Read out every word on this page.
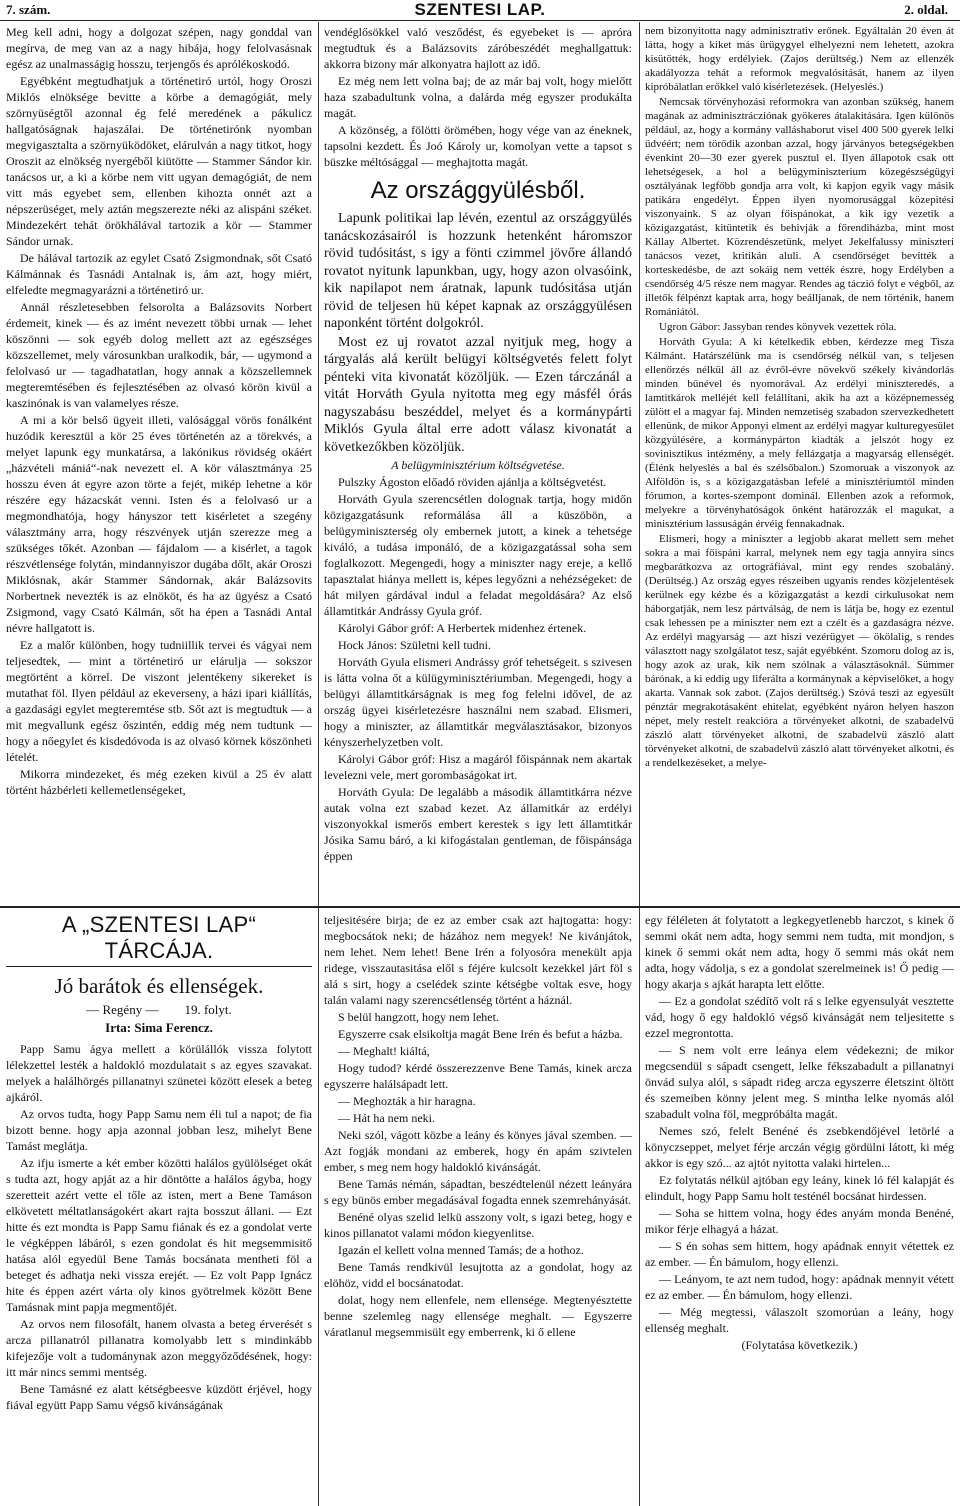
7. szám.	SZENTESI LAP.	2. oldal.

Meg kell adni, hogy a dolgozat szépen, nagy gonddal van megírva, de meg van az a nagy hibája, hogy felolvasásnak egész az unalmasságig hosszu, terjengős és aprólékoskodó.

Egyébként megtudhatjuk a történetiró urtól, hogy Oroszi Miklós elnöksége bevitte a körbe a demagógiát, mely szörnyüségtől azonnal ég felé meredének a pákulicz hallgatóságnak hajaszálai. De történetirónk nyomban megvigasztalta a szörnyüködöket, elárulván a nagy titkot, hogy Oroszit az elnökség nyergéből kiütötte — Stammer Sándor kir. tanácsos ur, a ki a körbe nem vitt ugyan demagógiát, de nem vitt más egyebet sem, ellenben kihozta onnét azt a népszerüséget, mely aztán megszerezte néki az alispáni széket. Mindezekért tehát örökhálával tartozik a kör — Stammer Sándor urnak.

De hálával tartozik az egylet Csató Zsigmondnak, sőt Csató Kálmánnak és Tasnádi Antalnak is, ám azt, hogy miért, elfeledte megmagyarázni a történetiró ur.

Annál részletesebben felsorolta a Balázsovits Norbert érdemeit, kinek — és az imént nevezett többi urnak — lehet köszönni — sok egyéb dolog mellett azt az egészséges közszellemet, mely városunkban uralkodik, bár, — ugymond a felolvasó ur — tagadhatatlan, hogy annak a közszellemnek megteremtésében és fejlesztésében az olvasó körön kivül a kaszinónak is van valamelyes része.

A mi a kör belső ügyeit illeti, valósággal vörös fonálként huzódik keresztül a kör 25 éves történetén az a törekvés, a melyet lapunk egy munkatársa, a lakónikus rövidség okáért „házvételi mániá“-nak nevezett el. A kör választmánya 25 hosszu éven át egyre azon törte a fejét, mikép lehetne a kör részére egy házacskát venni. Isten és a felolvasó ur a megmondhatója, hogy hányszor tett kisérletet a szegény választmány arra, hogy részvények utján szerezze meg a szükséges tőkét. Azonban — fájdalom — a kisérlet, a tagok részvétlensége folytán, mindannyiszor dugába dőlt, akár Oroszi Miklósnak, akár Stammer Sándornak, akár Balázsovits Norbertnek nevezték is az elnököt, és ha az ügyész a Csató Zsigmond, vagy Csató Kálmán, sőt ha épen a Tasnádi Antal névre hallgatott is.

Ez a malőr különben, hogy tudniillik tervei és vágyai nem teljesedtek, — mint a történetiró ur elárulja — sokszor megtörtént a körrel. De viszont jelentékeny sikereket is mutathat föl. Ilyen például az ekeverseny, a házi ipari kiállítás, a gazdasági egylet megteremtése stb. Sőt azt is megtudtuk — a mit megvallunk egész őszintén, eddig még nem tudtunk — hogy a nőegylet és kisdedóvoda is az olvasó körnek köszönheti lételét.

Mikorra mindezeket, és még ezeken kivül a 25 év alatt történt házbérleti kellemetlenségeket,

vendéglősökkel való vesződést, és egyebeket is — apróra megtudtuk és a Balázsovits záróbeszédét meghallgattuk: akkorra bizony már alkonyatra hajlott az idő.

Ez még nem lett volna baj; de az már baj volt, hogy mielőtt haza szabadultunk volna, a dalárda még egyszer produkálta magát.

A közönség, a fölötti örömében, hogy vége van az éneknek, tapsolni kezdett. És Joó Károly ur, komolyan vette a tapsot s büszke méltósággal — meghajtotta magát.

Az országgyülésből.

Lapunk politikai lap lévén, ezentul az országgyülés tanácskozásairól is hozzunk hetenként háromszor rövid tudósitást, s igy a fönti czimmel jövőre állandó rovatot nyitunk lapunkban, ugy, hogy azon olvasóink, kik napilapot nem áratnak, lapunk tudósitása utján rövid de teljesen hü képet kapnak az országgyülésen naponként történt dolgokról.

Most ez uj rovatot azzal nyitjuk meg, hogy a tárgyalás alá került belügyi költségvetés felett folyt pénteki vita kivonatát közöljük. — Ezen tárczánál a vitát Horváth Gyula nyitotta meg egy másfél órás nagyszabásu beszéddel, melyet és a kormánypárti Miklós Gyula által erre adott válasz kivonatát a következőkben közöljük.

A belügyminisztérium költségvetése.

Pulszky Ágoston előadó röviden ajánlja a költségvetést.

Horváth Gyula szerencsétlen dolognak tartja, hogy midőn közigazgatásunk reformálása áll a küszöbön, a belügyminiszterség oly embernek jutott, a kinek a tehetsége kiváló, a tudása imponáló, de a közigazgatással soha sem foglalkozott. Megengedi, hogy a miniszter nagy ereje, a kellő tapasztalat hiánya mellett is, képes legyőzni a nehézségeket: de hát milyen gárdával indul a feladat megoldására? Az első államtitkár Andrássy Gyula gróf.

Károlyi Gábor gróf: A Herbertek midenhez értenek.

Hock János: Születni kell tudni.

Horváth Gyula elismeri Andrássy gróf tehetségeit. s szivesen is látta volna őt a külügyminisztériumban. Megengedi, hogy a belügyi államtitkárságnak is meg fog felelni idővel, de az ország ügyei kisérletezésre használni nem szabad. Elismeri, hogy a miniszter, az államtitkár megválasztásakor, bizonyos kényszerhelyzetben volt.

Károlyi Gábor gróf: Hisz a magáról főispánnak nem akartak levelezni vele, mert gorombaságokat irt.

Horváth Gyula: De legalább a második államtitkárra nézve autak volna ezt szabad kezet. Az államitkár az erdélyi viszonyokkal ismerős embert kerestek s igy lett államtitkár Jósika Samu báró, a ki kifogástalan gentleman, de főispánsága éppen

nem bizonyitotta nagy adminisztrativ erőnek. Egyáltalán 20 éven át látta, hogy a kiket más ürügygyel elhelyezni nem lehetett, azokra kisütötték, hogy erdélyiek. (Zajos derültség.) Nem az ellenzék akadályozza tehát a reformok megvalósitását, hanem az ilyen kipróbálatlan erőkkel való kisérletezések. (Helyeslés.)

Nemcsak törvényhozási reformokra van azonban szükség, hanem magának az adminisztrácziónak gyökeres átalakitására. Igen különös például, az, hogy a kormány valláshaborut visel 400 500 gyerek lelki üdvéért; nem törődik azonban azzal, hogy járványos betegségekben évenkint 20—30 ezer gyerek pusztul el. Ilyen állapotok csak ott lehetségesek, a hol a belügyminiszterium közegészségügyi osztályának legfőbb gondja arra volt, ki kapjon egyik vagy másik patikára engedélyt. Éppen ilyen nyomorusággal közepitési viszonyaink. S az olyan főispánokat, a kik igy vezetik a közigazgatást, kitüntetik és behivják a főrendiházba, mint most Kállay Albertet. Közrendészetünk, melyet Jekelfalussy miniszteri tanácsos vezet, kritikán aluli. A csendőrséget bevitték a korteskedésbe, de azt sokáig nem vették észre, hogy Erdélyben a csendőrség 4/5 része nem magyar. Rendes ag táczió folyt e végből, az illetők félpénzt kaptak arra, hogy beálljanak, de nem történik, hanem Romániától.

Ugron Gábor: Jassyban rendes könyvek vezettek róla.

Horváth Gyula: A ki kételkedik ebben, kérdezze meg Tisza Kálmánt. Határszélünk ma is csendőrség nélkül van, s teljesen ellenőrzés nélkül áll az évről-évre növekvő székely kivándorlás minden bűnével és nyomorával. Az erdélyi miniszteredés, a lamtitkárok melléjét kell felállitani, akik ha azt a középnemesség zülött el a magyar faj. Minden nemzetiség szabadon szervezkedhetett ellenünk, de mikor Apponyi elment az erdélyi magyar kulturegyesület közgyülésére, a kormánypárton kiadták a jelszót hogy ez sovinisztikus intézmény, a mely fellázgatja a magyarság ellenségét. (Élénk helyeslés a bal és szélsőbalon.) Szomoruak a viszonyok az Alföldön is, s a közigazgatásban lefelé a minisztériumtól minden fórumon, a kortes-szempont dominál. Ellenben azok a reformok, melyekre a törvényhatóságok önként határozzák el magukat, a minisztérium lassuságán érvéig fennakadnak.

Elismeri, hogy a miniszter a legjobb akarat mellett sem mehet sokra a mai főispáni karral, melynek nem egy tagja annyira sincs megbarátkozva az ortográfiával, mint egy rendes szobaláný. (Derültség.) Az ország egyes részeiben ugyanis rendes közjelentések kerülnek egy kézbe és a közigazgatást a kezdi cirkulusokat nem háborgatják, nem lesz pártválság, de nem is látja be, hogy ez ezentul csak lehessen pe a miniszter nem ezt a czélt és a gazdaságra nézve. Az erdélyi magyarság — azt hiszi vezérügyet — ökölalig, s rendes választott nagy szolgálatot tesz, saját egyébként. Szomoru dolog az is, hogy azok az urak, kik nem szólnak a választásoknál. Sümmer bárónak, a ki eddig ugy liferálta a kormánynak a képviselőket, a hogy akarta. Vannak sok zabot. (Zajos derültség.) Szóvá teszi az egyesült pénztár megrakotásaként ehitelat, egyébként nyáron helyen haszon népet, mely restelt reakcióra a törvényeket alkotni, de szabadelvü zászló alatt törvényeket alkotni, de szabadelvü zászló alatt törvényeket alkotni, de szabadelvü zászló alatt törvényeket alkotni, és a rendelkezéseket, a melye-

A „SZENTESI LAP“ TÁRCÁJA.
Jó barátok és ellenségek.
— Regény — 19. folyt.
Irta: Sima Ferencz.

Papp Samu ágya mellett a körülállók vissza folytott lélekzettel lesték a haldokló mozdulatait s az egyes szavakat. melyek a halálhörgés pillanatnyi szünetei között elesek a beteg ajkáról.

Az orvos tudta, hogy Papp Samu nem éli tul a napot; de fia bizott benne. hogy apja azonnal jobban lesz, mihelyt Bene Tamást meglátja.

Az ifju ismerte a két ember közötti halálos gyülölséget okát s tudta azt, hogy apját az a hir döntötte a halálos ágyba, hogy szeretteit azért vette el tőle az isten, mert a Bene Tamáson elkövetett méltatlanságokért akart rajta bosszut állani. — Ezt hitte és ezt mondta is Papp Samu fiának és ez a gondolat verte le végképpen lábáról, s ezen gondolat és hit megsemmisitő hatása alól egyedül Bene Tamás bocsánata mentheti föl a beteget és adhatja neki vissza erejét. — Ez volt Papp Ignácz hite és éppen azért várta oly kinos gyötrelmek között Bene Tamásnak mint papja megmentőjét.

Az orvos nem filosofált, hanem olvasta a beteg érverését s arcza pillanatról pillanatra komolyabb lett s mindinkább kifejezője volt a tudománynak azon meggyőződésének, hogy: itt már nincs semmi mentség.

Bene Tamásné ez alatt kétségbeesve küzdött érjével, hogy fiával együtt Papp Samu végső kivánságának

teljesitésére birja; de ez az ember csak azt hajtogatta: hogy: megbocsátok neki; de házához nem megyek! Ne kivánjátok, nem lehet. Nem lehet! Bene Irén a folyosóra menekült apja ridege, visszautasitása elől s féjére kulcsolt kezekkel járt föl s alá s sirt, hogy a cselédek szinte kétségbe voltak esve, hogy talán valami nagy szerencsétlenség történt a háznál.

S belül hangzott, hogy nem lehet.

Egyszerre csak elsikoltja magát Bene Irén és befut a házba.

— Meghalt! kiáltá,

Hogy tudod? kérdé összerezzenve Bene Tamás, kinek arcza egyszerre halálsápadt lett.

— Meghozták a hir haragna.

— Hát ha nem neki.

Neki szól, vágott közbe a leány és könyes jával szemben. — Azt fogják mondani az emberek, hogy én apám szivtelen ember, s meg nem hogy haldokló kivánságát.

Bene Tamás némán, sápadtan, beszédtelenül nézett leányára s egy bünös ember megadásával fogadta ennek szemrehányását.

Benéné olyas szelid lelkü asszony volt, s igazi beteg, hogy e kinos pillanatot valami módon kiegyenlitse.

Igazán el kellett volna menned Tamás; de a hothoz.

Bene Tamás rendkivül lesujtotta az a gondolat, hogy az elöhöz, vidd el bocsánatodat.

dolat, hogy nem ellenfele, nem ellensége. Megtenyésztette benne szelemleg nagy ellensége meghalt. — Egyszerre váratlanul megsemmisült egy emberrenk, ki ő ellene

egy féléleten át folytatott a legkegyetlenebb harczot, s kinek ő semmi okát nem adta, hogy semmi nem tudta, mit mondjon, s kinek ő semmi okát nem adta, hogy ő semmi más okát nem adta, hogy vádolja, s ez a gondolat szerelmeinek is! Ő pedig — hogy akarja s ajkát harapta lett előtte.

— Ez a gondolat szédítő volt rá s lelke egyensulyát vesztette vád, hogy ő egy haldokló végső kivánságát nem teljesitette s ezzel megrontotta.

— S nem volt erre leánya elem védekezni; de mikor megcsendül s sápadt csengett, lelke fékszabadult a pillanatnyi önvád sulya alól, s sápadt rideg arcza egyszerre életszint öltött és szemeiben könny jelent meg. S mintha lelke nyomás alól szabadult volna föl, megpróbálta magát.

Nemes szó, felelt Benéné és zsebkendőjével letörlé a könyczseppet, melyet férje arczán végig gördülni látott, ki még akkor is egy szó... az ajtót nyitotta valaki hirtelen...

Ez folytatás nélkül ajtóban egy leány, kinek ló fél kalapját és elindult, hogy Papp Samu holt testénél bocsánat hirdessen.

— Soha se hittem volna, hogy édes anyám monda Benéné, mikor férje elhagyá a házat.

— S én sohas sem hittem, hogy apádnak ennyit vétettek ez az ember. — Én bámulom, hogy ellenzi.

— Leányom, te azt nem tudod, hogy: apádnak mennyit vétett ez az ember. — Én bámulom, hogy ellenzi.

— Még megtessi, válaszolt szomorúan a leány, hogy ellenség meghalt.

(Folytatása következik.)
